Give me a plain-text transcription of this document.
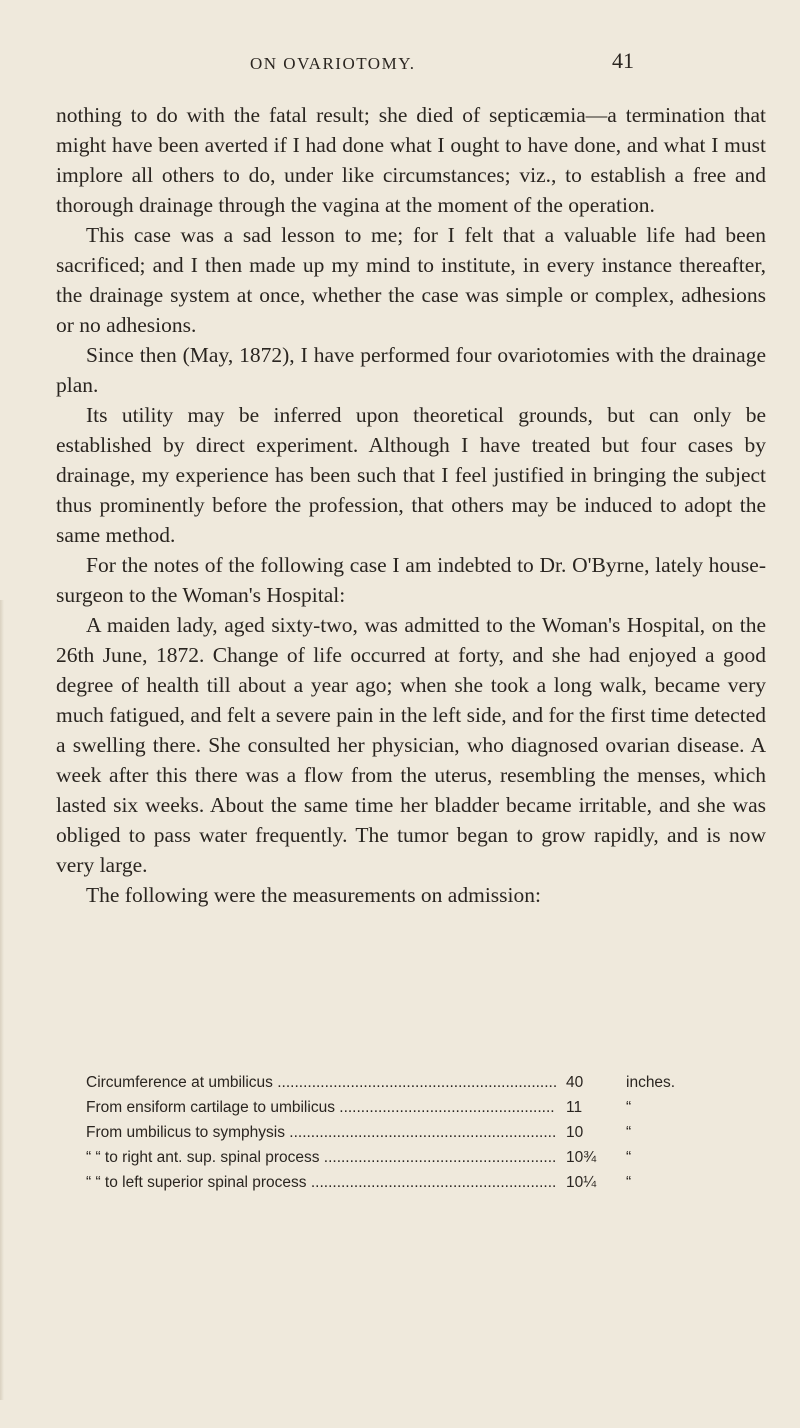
ON OVARIOTOMY.	41

nothing to do with the fatal result; she died of septicæmia—a termination that might have been averted if I had done what I ought to have done, and what I must implore all others to do, under like circumstances; viz., to establish a free and thorough drainage through the vagina at the moment of the operation.

This case was a sad lesson to me; for I felt that a valuable life had been sacrificed; and I then made up my mind to institute, in every instance thereafter, the drainage system at once, whether the case was simple or complex, adhesions or no adhesions.

Since then (May, 1872), I have performed four ovariotomies with the drainage plan.

Its utility may be inferred upon theoretical grounds, but can only be established by direct experiment. Although I have treated but four cases by drainage, my experience has been such that I feel justified in bringing the subject thus prominently before the profession, that others may be induced to adopt the same method.

For the notes of the following case I am indebted to Dr. O'Byrne, lately house-surgeon to the Woman's Hospital:

A maiden lady, aged sixty-two, was admitted to the Woman's Hospital, on the 26th June, 1872. Change of life occurred at forty, and she had enjoyed a good degree of health till about a year ago; when she took a long walk, became very much fatigued, and felt a severe pain in the left side, and for the first time detected a swelling there. She consulted her physician, who diagnosed ovarian disease. A week after this there was a flow from the uterus, resembling the menses, which lasted six weeks. About the same time her bladder became irritable, and she was obliged to pass water frequently. The tumor began to grow rapidly, and is now very large.

The following were the measurements on admission:

Circumference at umbilicus .....	40	inches.
From ensiform cartilage to umbilicus .....	11	“
From umbilicus to symphysis .....	10	“
“ “ to right ant. sup. spinal process .....	10¾	“
“ “ to left superior spinal process .....	10¼	“
